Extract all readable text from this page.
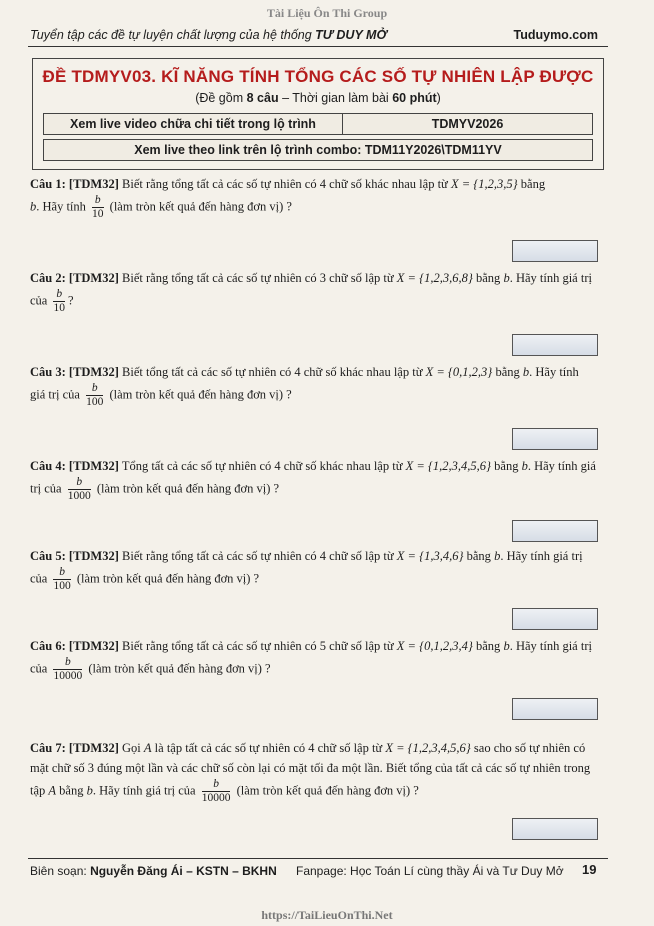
Tài Liệu Ôn Thi Group
Tuyển tập các đề tự luyện chất lượng của hệ thống TƯ DUY MỞ	Tuduymo.com
ĐỀ TDMYV03. KĨ NĂNG TÍNH TỔNG CÁC SỐ TỰ NHIÊN LẬP ĐƯỢC
(Đề gồm 8 câu – Thời gian làm bài 60 phút)
Xem live video chữa chi tiết trong lộ trình	TDMYV2026
Xem live theo link trên lộ trình combo: TDM11Y2026\TDM11YV
Câu 1: [TDM32] Biết rằng tổng tất cả các số tự nhiên có 4 chữ số khác nhau lập từ X = {1,2,3,5} bằng
b. Hãy tính $\frac{b}{10}$ (làm tròn kết quả đến hàng đơn vị) ?
Câu 2: [TDM32] Biết rằng tổng tất cả các số tự nhiên có 3 chữ số lập từ X = {1,2,3,6,8} bằng b. Hãy tính giá trị của $\frac{b}{10}$ ?
Câu 3: [TDM32] Biết tổng tất cả các số tự nhiên có 4 chữ số khác nhau lập từ X = {0,1,2,3} bằng b. Hãy tính giá trị của $\frac{b}{100}$ (làm tròn kết quả đến hàng đơn vị) ?
Câu 4: [TDM32] Tổng tất cả các số tự nhiên có 4 chữ số khác nhau lập từ X = {1,2,3,4,5,6} bằng b. Hãy tính giá trị của $\frac{b}{1000}$ (làm tròn kết quả đến hàng đơn vị) ?
Câu 5: [TDM32] Biết rằng tổng tất cả các số tự nhiên có 4 chữ số lập từ X = {1,3,4,6} bằng b. Hãy tính giá trị của $\frac{b}{100}$ (làm tròn kết quả đến hàng đơn vị) ?
Câu 6: [TDM32] Biết rằng tổng tất cả các số tự nhiên có 5 chữ số lập từ X = {0,1,2,3,4} bằng b. Hãy tính giá trị của $\frac{b}{10000}$ (làm tròn kết quả đến hàng đơn vị) ?
Câu 7: [TDM32] Gọi A là tập tất cả các số tự nhiên có 4 chữ số lập từ X = {1,2,3,4,5,6} sao cho số tự nhiên có mặt chữ số 3 đúng một lần và các chữ số còn lại có mặt tối đa một lần. Biết tổng của tất cả các số tự nhiên trong tập A bằng b. Hãy tính giá trị của $\frac{b}{10000}$ (làm tròn kết quả đến hàng đơn vị) ?
Biên soạn: Nguyễn Đăng Ái – KSTN – BKHN Fanpage: Học Toán Lí cùng thầy Ái và Tư Duy Mở 19
https://TaiLieuOnThi.Net
